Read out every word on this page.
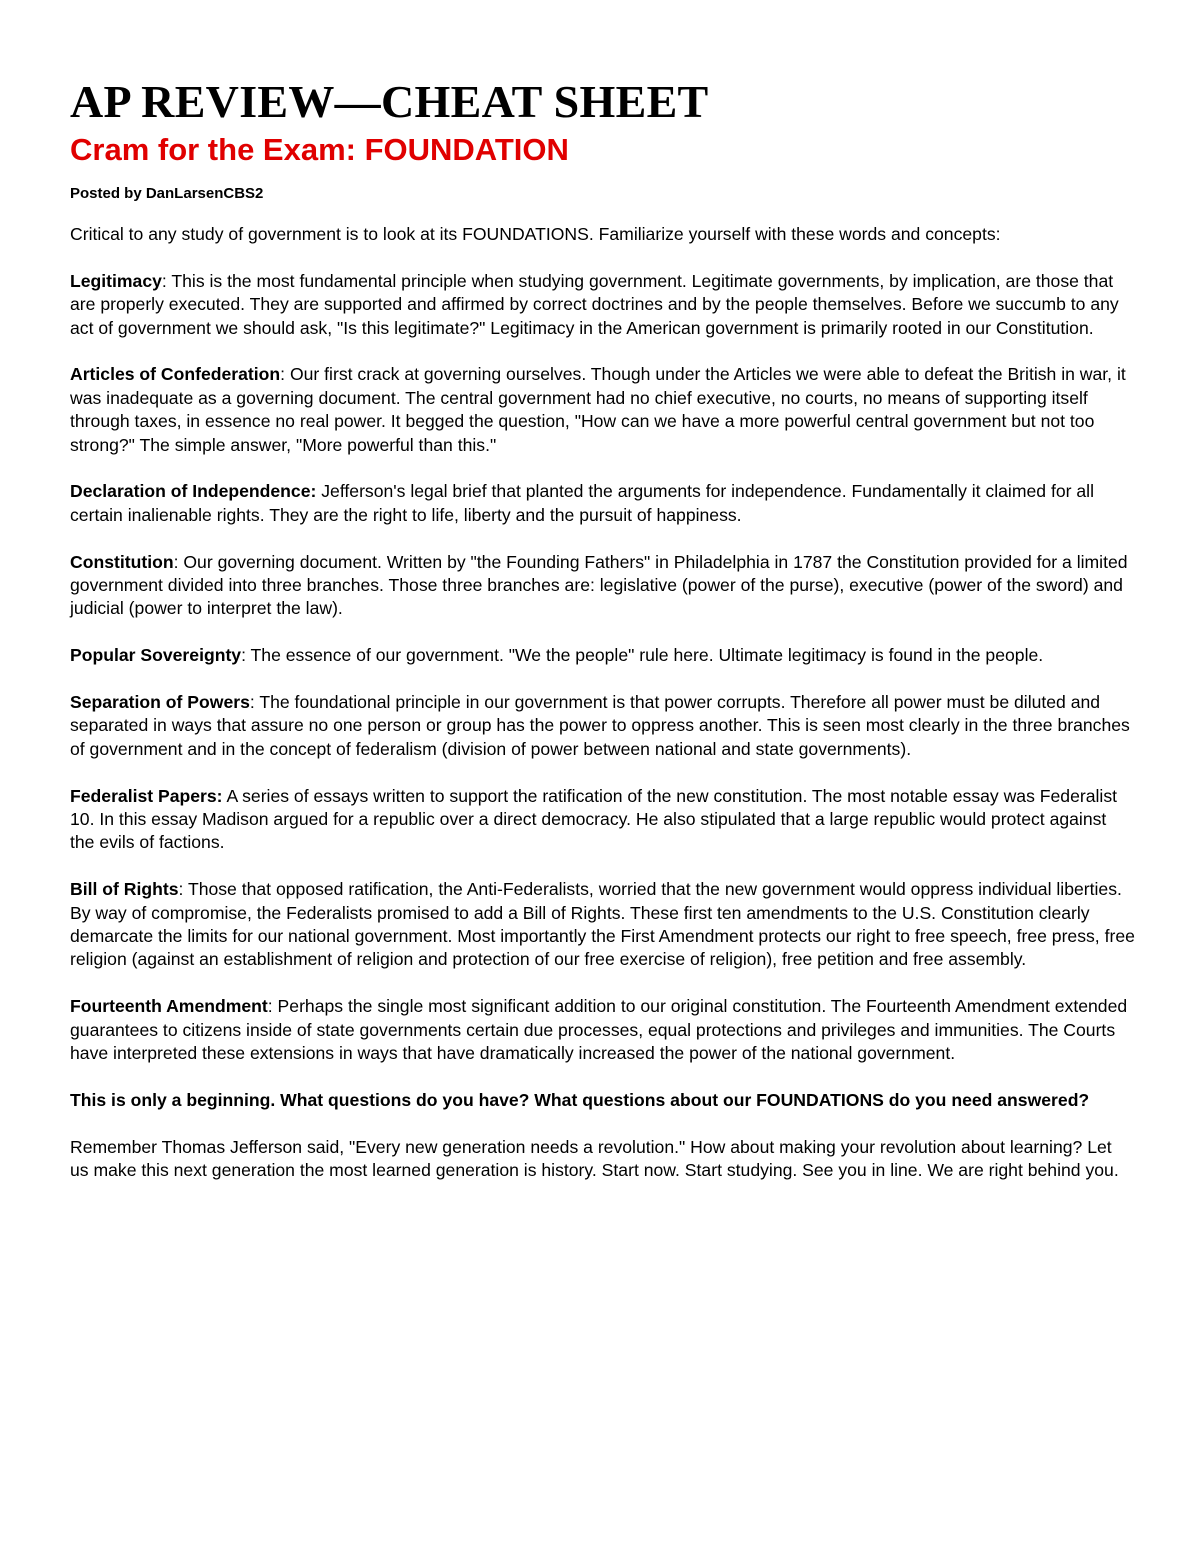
AP REVIEW—CHEAT SHEET
Cram for the Exam: FOUNDATION
Posted by DanLarsenCBS2

Critical to any study of government is to look at its FOUNDATIONS. Familiarize yourself with these words and concepts:

Legitimacy: This is the most fundamental principle when studying government. Legitimate governments, by implication, are those that are properly executed. They are supported and affirmed by correct doctrines and by the people themselves. Before we succumb to any act of government we should ask, "Is this legitimate?" Legitimacy in the American government is primarily rooted in our Constitution.

Articles of Confederation: Our first crack at governing ourselves. Though under the Articles we were able to defeat the British in war, it was inadequate as a governing document. The central government had no chief executive, no courts, no means of supporting itself through taxes, in essence no real power. It begged the question, "How can we have a more powerful central government but not too strong?" The simple answer, "More powerful than this."

Declaration of Independence: Jefferson's legal brief that planted the arguments for independence. Fundamentally it claimed for all certain inalienable rights. They are the right to life, liberty and the pursuit of happiness.

Constitution: Our governing document. Written by "the Founding Fathers" in Philadelphia in 1787 the Constitution provided for a limited government divided into three branches. Those three branches are: legislative (power of the purse), executive (power of the sword) and judicial (power to interpret the law).

Popular Sovereignty: The essence of our government. "We the people" rule here. Ultimate legitimacy is found in the people.

Separation of Powers: The foundational principle in our government is that power corrupts. Therefore all power must be diluted and separated in ways that assure no one person or group has the power to oppress another. This is seen most clearly in the three branches of government and in the concept of federalism (division of power between national and state governments).

Federalist Papers: A series of essays written to support the ratification of the new constitution. The most notable essay was Federalist 10. In this essay Madison argued for a republic over a direct democracy. He also stipulated that a large republic would protect against the evils of factions.

Bill of Rights: Those that opposed ratification, the Anti-Federalists, worried that the new government would oppress individual liberties. By way of compromise, the Federalists promised to add a Bill of Rights. These first ten amendments to the U.S. Constitution clearly demarcate the limits for our national government. Most importantly the First Amendment protects our right to free speech, free press, free religion (against an establishment of religion and protection of our free exercise of religion), free petition and free assembly.

Fourteenth Amendment: Perhaps the single most significant addition to our original constitution. The Fourteenth Amendment extended guarantees to citizens inside of state governments certain due processes, equal protections and privileges and immunities. The Courts have interpreted these extensions in ways that have dramatically increased the power of the national government.

This is only a beginning. What questions do you have? What questions about our FOUNDATIONS do you need answered?

Remember Thomas Jefferson said, "Every new generation needs a revolution." How about making your revolution about learning? Let us make this next generation the most learned generation is history. Start now. Start studying. See you in line. We are right behind you.
